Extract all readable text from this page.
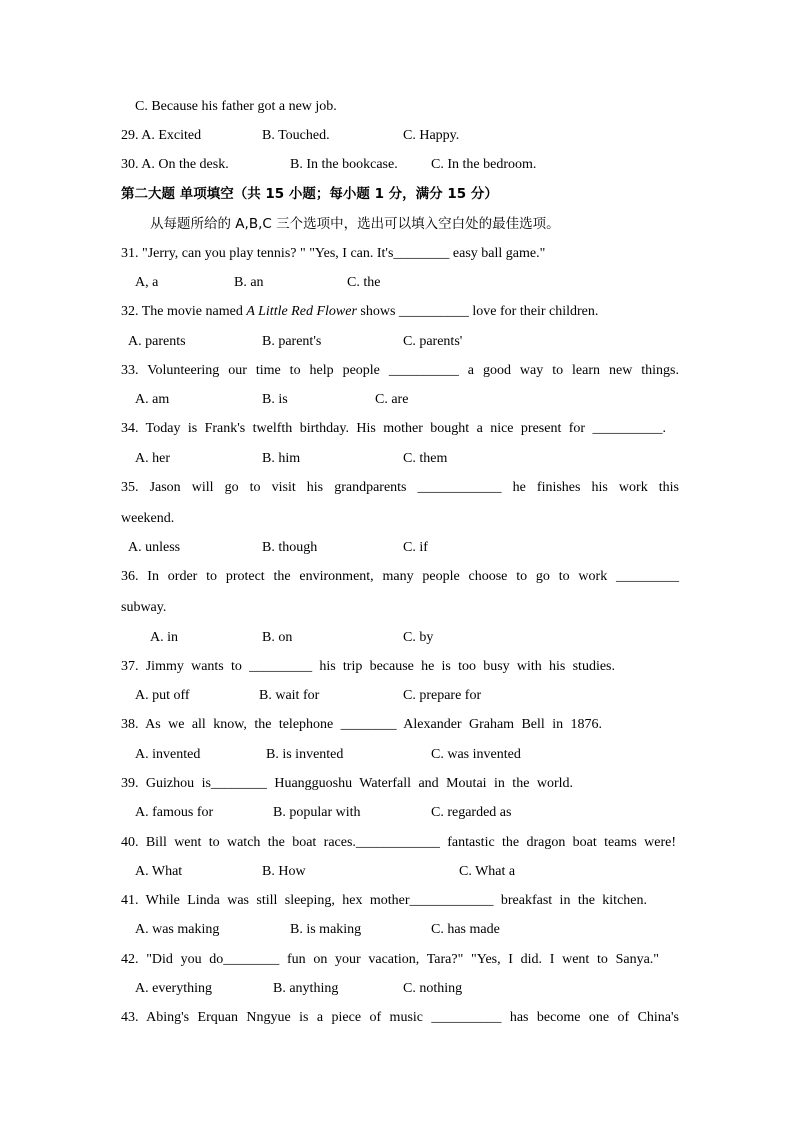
C. Because his father got a new job.
29. A. Excited	B. Touched.	C. Happy.
30. A. On the desk.	B. In the bookcase. C. In the bedroom.
第二大题 单项填空（共 15 小题；每小题 1 分，满分 15 分）
从每题所给的 A,B,C 三个选项中，选出可以填入空白处的最佳选项。
31. "Jerry, can you play tennis? " "Yes, I can. It's________ easy ball game."
A, a	B. an	C. the
32. The movie named A Little Red Flower shows __________ love for their children.
A. parents	B. parent's	C. parents'
33. Volunteering our time to help people __________ a good way to learn new things.
A. am	B. is	C. are
34. Today is Frank's twelfth birthday. His mother bought a nice present for __________.
A. her	B. him	C. them
35. Jason will go to visit his grandparents ____________ he finishes his work this
weekend.
A. unless	B. though	C. if
36. In order to protect the environment, many people choose to go to work _________
subway.
A. in	B. on	C. by
37. Jimmy wants to _________ his trip because he is too busy with his studies.
A. put off	B. wait for	C. prepare for
38. As we all know, the telephone ________ Alexander Graham Bell in 1876.
A. invented	B. is invented	C. was invented
39. Guizhou is________ Huangguoshu Waterfall and Moutai in the world.
A. famous for	B. popular with	C. regarded as
40. Bill went to watch the boat races.____________ fantastic the dragon boat teams were!
A. What	B. How	C. What a
41. While Linda was still sleeping, hex mother____________ breakfast in the kitchen.
A. was making	B. is making	C. has made
42. "Did you do________ fun on your vacation, Tara?" "Yes, I did. I went to Sanya."
A. everything	B. anything	C. nothing
43. Abing's Erquan Nngyue is a piece of music __________ has become one of China's
